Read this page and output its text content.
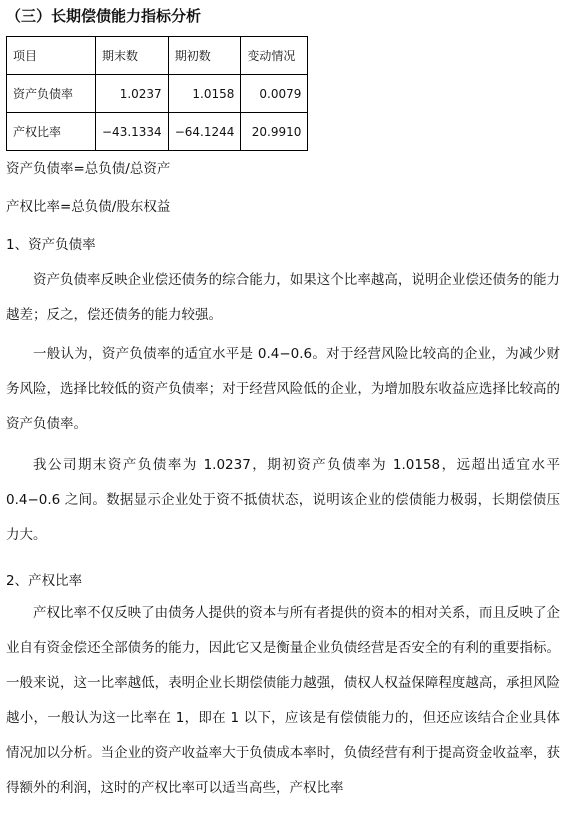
（三）长期偿债能力指标分析
项目	期末数	期初数	变动情况
资产负债率	1.0237	1.0158	0.0079
产权比率	−43.1334	−64.1244	20.9910
资产负债率=总负债/总资产
产权比率=总负债/股东权益
1、资产负债率

资产负债率反映企业偿还债务的综合能力，如果这个比率越高，说明企业偿还债务的能力越差；反之，偿还债务的能力较强。

一般认为，资产负债率的适宜水平是 0.4−0.6。对于经营风险比较高的企业，为减少财务风险，选择比较低的资产负债率；对于经营风险低的企业，为增加股东收益应选择比较高的资产负债率。

我公司期末资产负债率为 1.0237，期初资产负债率为 1.0158，远超出适宜水平 0.4−0.6 之间。数据显示企业处于资不抵债状态，说明该企业的偿债能力极弱，长期偿债压力大。

2、产权比率

产权比率不仅反映了由债务人提供的资本与所有者提供的资本的相对关系，而且反映了企业自有资金偿还全部债务的能力，因此它又是衡量企业负债经营是否安全的有利的重要指标。一般来说，这一比率越低，表明企业长期偿债能力越强，债权人权益保障程度越高，承担风险越小，一般认为这一比率在 1，即在 1 以下，应该是有偿债能力的，但还应该结合企业具体情况加以分析。当企业的资产收益率大于负债成本率时，负债经营有利于提高资金收益率，获得额外的利润，这时的产权比率可以适当高些，产权比率
